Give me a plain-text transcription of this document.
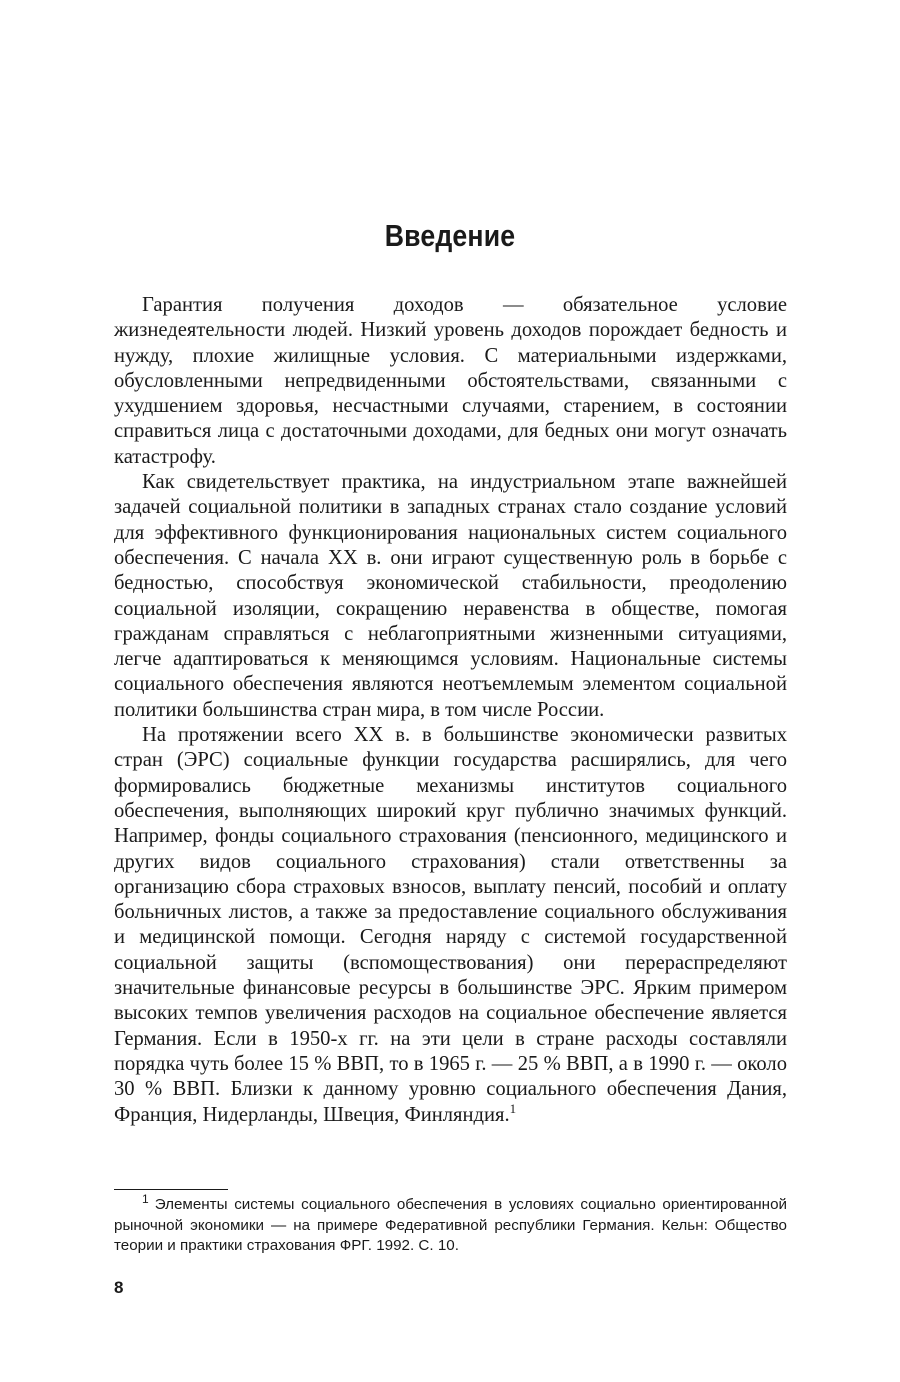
Введение

Гарантия получения доходов — обязательное условие жизнедеятельности людей. Низкий уровень доходов порождает бедность и нужду, плохие жилищные условия. С материальными издержками, обусловленными непредвиденными обстоятельствами, связанными с ухудшением здоровья, несчастными случаями, старением, в состоянии справиться лица с достаточными доходами, для бедных они могут означать катастрофу.

Как свидетельствует практика, на индустриальном этапе важнейшей задачей социальной политики в западных странах стало создание условий для эффективного функционирования национальных систем социального обеспечения. С начала XX в. они играют существенную роль в борьбе с бедностью, способствуя экономической стабильности, преодолению социальной изоляции, сокращению неравенства в обществе, помогая гражданам справляться с неблагоприятными жизненными ситуациями, легче адаптироваться к меняющимся условиям. Национальные системы социального обеспечения являются неотъемлемым элементом социальной политики большинства стран мира, в том числе России.

На протяжении всего XX в. в большинстве экономически развитых стран (ЭРС) социальные функции государства расширялись, для чего формировались бюджетные механизмы институтов социального обеспечения, выполняющих широкий круг публично значимых функций. Например, фонды социального страхования (пенсионного, медицинского и других видов социального страхования) стали ответственны за организацию сбора страховых взносов, выплату пенсий, пособий и оплату больничных листов, а также за предоставление социального обслуживания и медицинской помощи. Сегодня наряду с системой государственной социальной защиты (вспомоществования) они перераспределяют значительные финансовые ресурсы в большинстве ЭРС. Ярким примером высоких темпов увеличения расходов на социальное обеспечение является Германия. Если в 1950-х гг. на эти цели в стране расходы составляли порядка чуть более 15 % ВВП, то в 1965 г. — 25 % ВВП, а в 1990 г. — около 30 % ВВП. Близки к данному уровню социального обеспечения Дания, Франция, Нидерланды, Швеция, Финляндия.$^1$

$^1$ Элементы системы социального обеспечения в условиях социально ориентированной рыночной экономики — на примере Федеративной республики Германия. Кельн: Общество теории и практики страхования ФРГ. 1992. С. 10.

8
